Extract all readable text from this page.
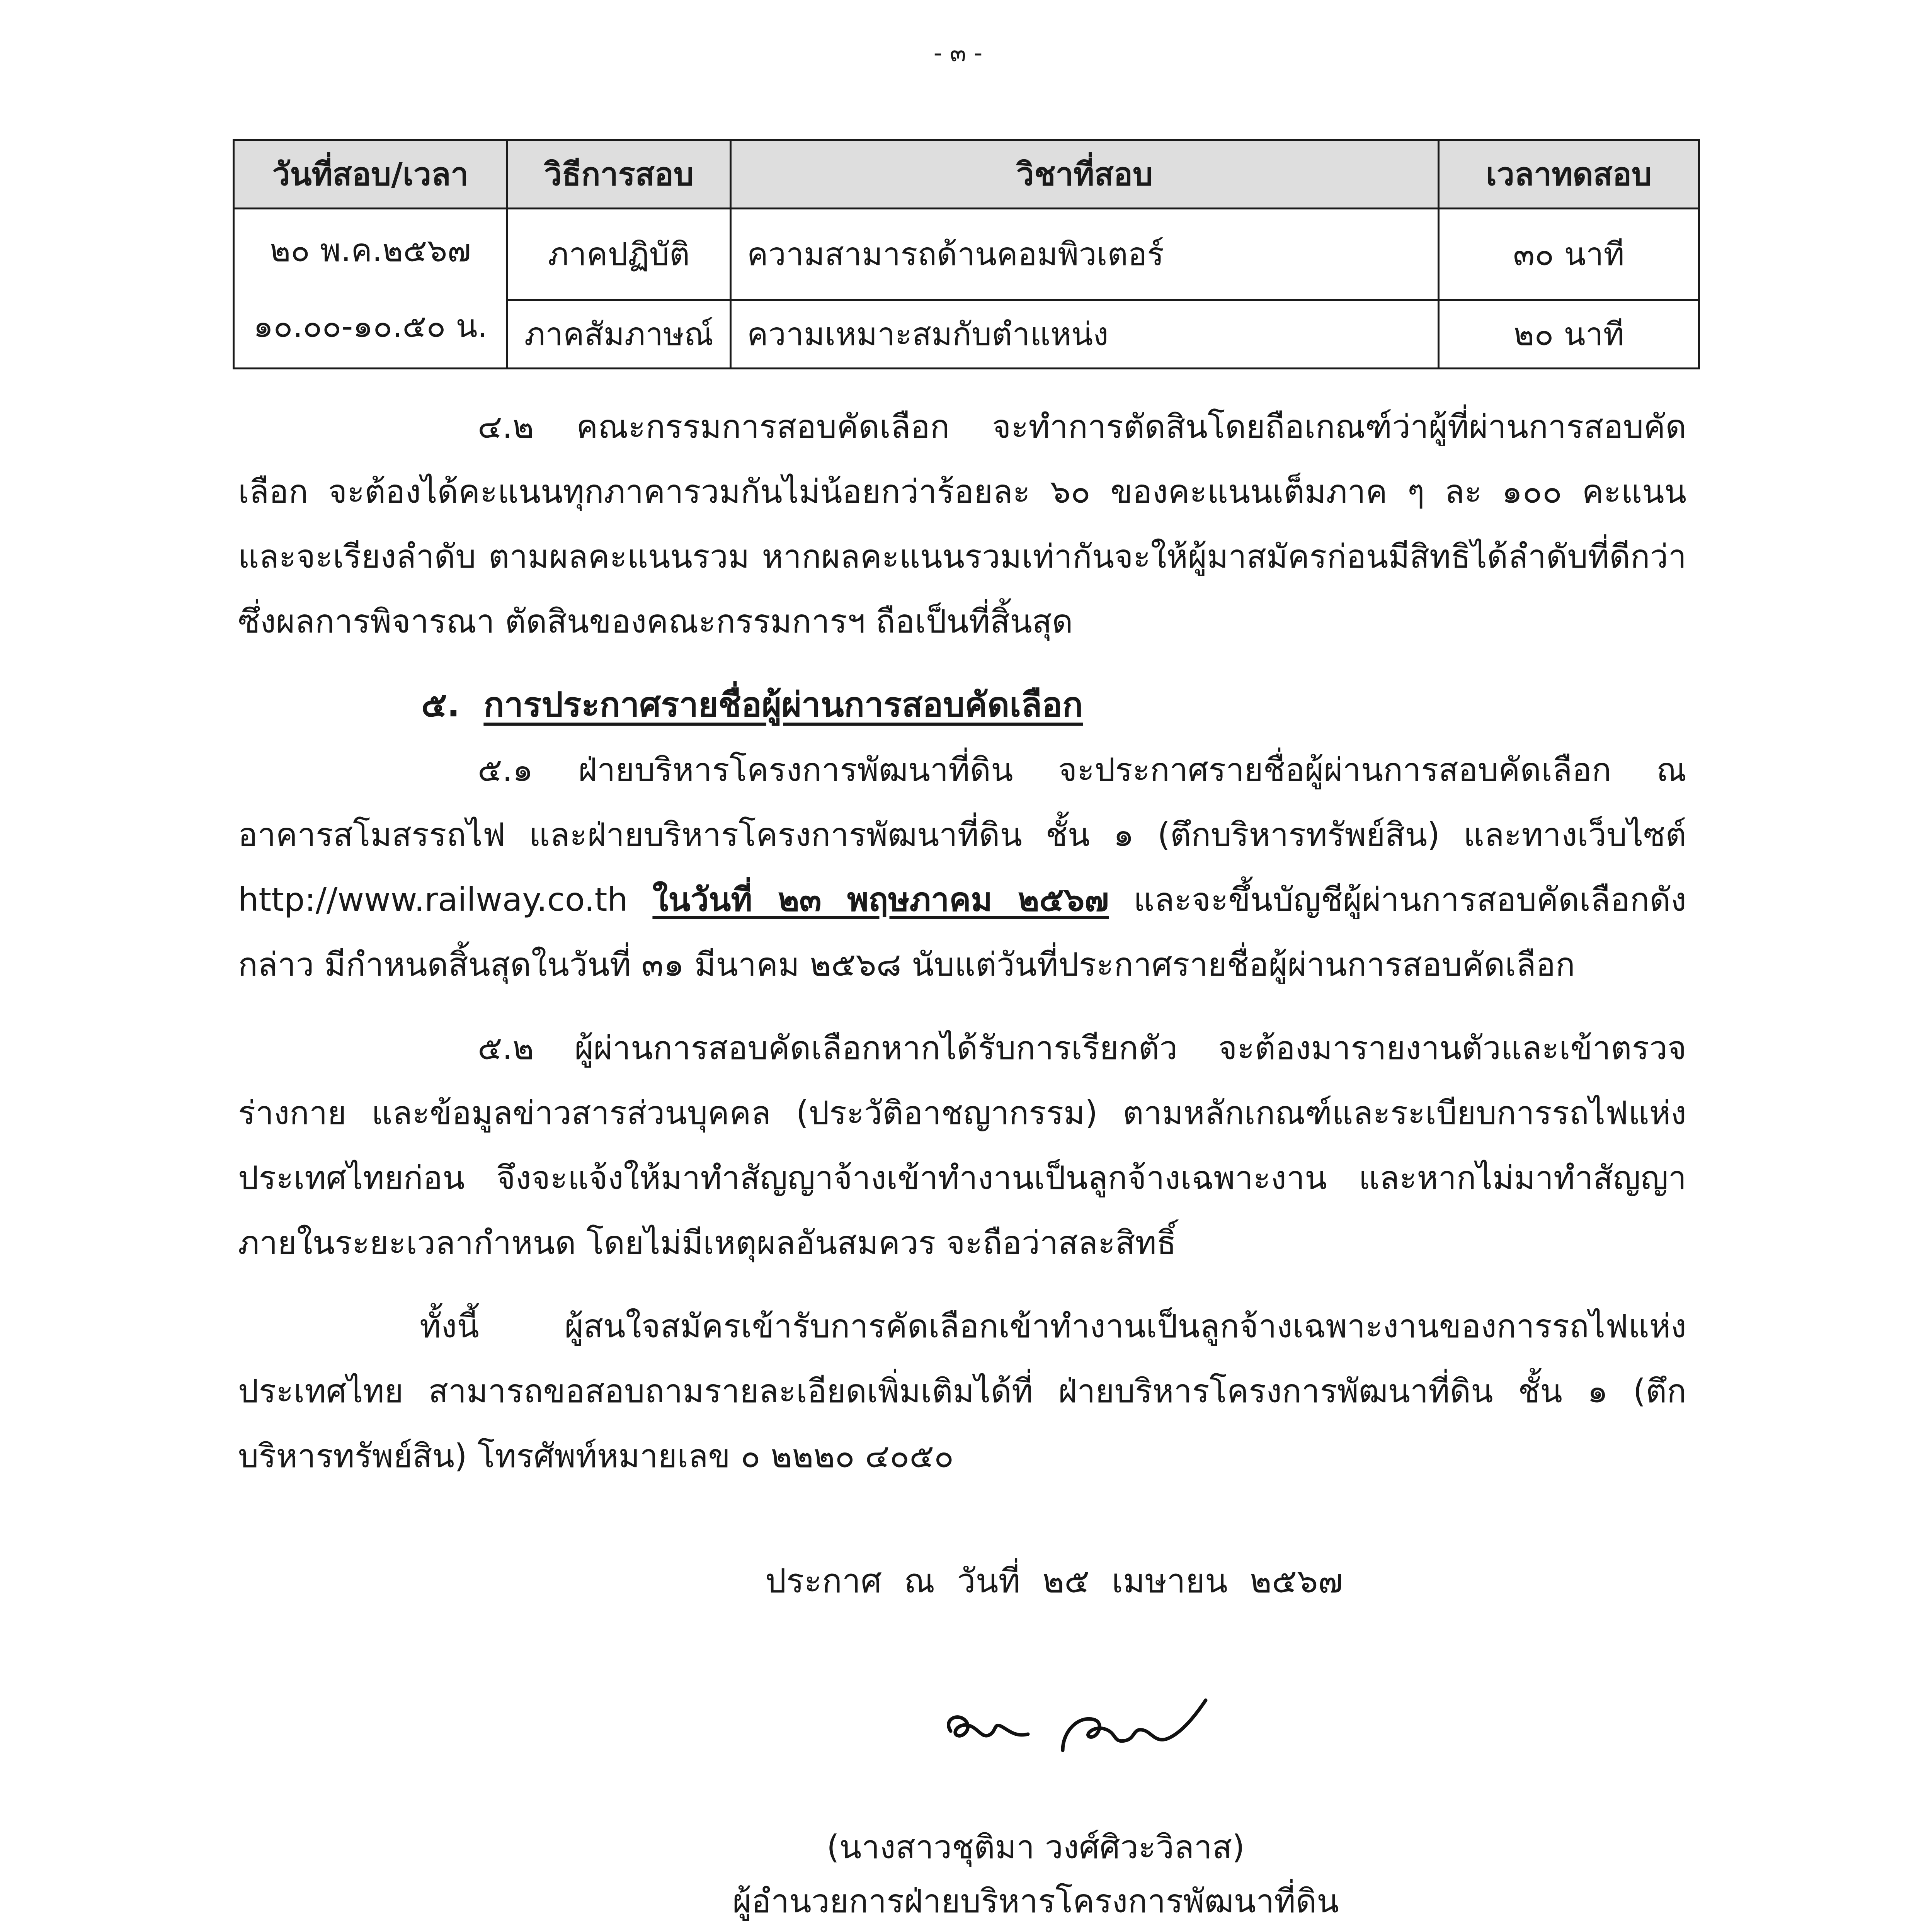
- ๓ -
วันที่สอบ/เวลา	วิธีการสอบ	วิชาที่สอบ	เวลาทดสอบ
๒๐ พ.ค.๒๕๖๗
๑๐.๐๐-๑๐.๕๐ น.	ภาคปฏิบัติ	ความสามารถด้านคอมพิวเตอร์	๓๐ นาที
	ภาคสัมภาษณ์	ความเหมาะสมกับตำแหน่ง	๒๐ นาที

๔.๒ คณะกรรมการสอบคัดเลือก จะทำการตัดสินโดยถือเกณฑ์ว่าผู้ที่ผ่านการสอบคัดเลือก จะต้องได้คะแนนทุกภาคารวมกันไม่น้อยกว่าร้อยละ ๖๐ ของคะแนนเต็มภาค ๆ ละ ๑๐๐ คะแนน และจะเรียงลำดับ ตามผลคะแนนรวม หากผลคะแนนรวมเท่ากันจะให้ผู้มาสมัครก่อนมีสิทธิได้ลำดับที่ดีกว่า ซึ่งผลการพิจารณา ตัดสินของคณะกรรมการฯ ถือเป็นที่สิ้นสุด

๕. การประกาศรายชื่อผู้ผ่านการสอบคัดเลือก

๕.๑ ฝ่ายบริหารโครงการพัฒนาที่ดิน จะประกาศรายชื่อผู้ผ่านการสอบคัดเลือก ณ อาคารสโมสรรถไฟ และฝ่ายบริหารโครงการพัฒนาที่ดิน ชั้น ๑ (ตึกบริหารทรัพย์สิน) และทางเว็บไซต์ http://www.railway.co.th ในวันที่ ๒๓ พฤษภาคม ๒๕๖๗ และจะขึ้นบัญชีผู้ผ่านการสอบคัดเลือกดังกล่าว มีกำหนดสิ้นสุดในวันที่ ๓๑ มีนาคม ๒๕๖๘ นับแต่วันที่ประกาศรายชื่อผู้ผ่านการสอบคัดเลือก

๕.๒ ผู้ผ่านการสอบคัดเลือกหากได้รับการเรียกตัว จะต้องมารายงานตัวและเข้าตรวจร่างกาย และข้อมูลข่าวสารส่วนบุคคล (ประวัติอาชญากรรม) ตามหลักเกณฑ์และระเบียบการรถไฟแห่งประเทศไทยก่อน จึงจะแจ้งให้มาทำสัญญาจ้างเข้าทำงานเป็นลูกจ้างเฉพาะงาน และหากไม่มาทำสัญญาภายในระยะเวลากำหนด โดยไม่มีเหตุผลอันสมควร จะถือว่าสละสิทธิ์

ทั้งนี้ ผู้สนใจสมัครเข้ารับการคัดเลือกเข้าทำงานเป็นลูกจ้างเฉพาะงานของการรถไฟแห่งประเทศไทย สามารถขอสอบถามรายละเอียดเพิ่มเติมได้ที่ ฝ่ายบริหารโครงการพัฒนาที่ดิน ชั้น ๑ (ตึกบริหารทรัพย์สิน) โทรศัพท์หมายเลข ๐ ๒๒๒๐ ๔๐๕๐

ประกาศ ณ วันที่ ๒๕ เมษายน ๒๕๖๗
(นางสาวชุติมา วงศ์ศิวะวิลาส)
ผู้อำนวยการฝ่ายบริหารโครงการพัฒนาที่ดิน
